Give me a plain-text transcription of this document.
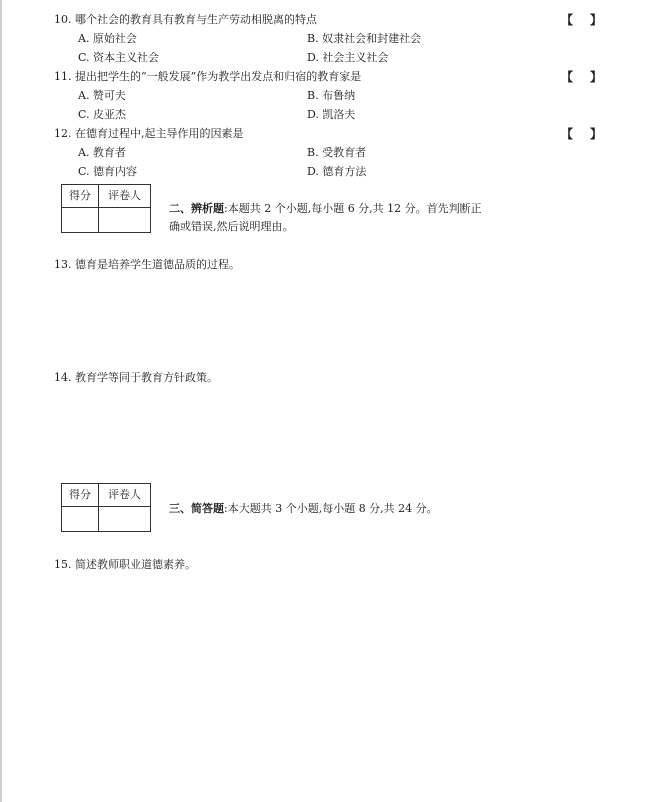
10. 哪个社会的教育具有教育与生产劳动相脱离的特点	【 】
A. 原始社会	B. 奴隶社会和封建社会
C. 资本主义社会	D. 社会主义社会
11. 提出把学生的“一般发展”作为教学出发点和归宿的教育家是	【 】
A. 赞可夫	B. 布鲁纳
C. 皮亚杰	D. 凯洛夫
12. 在德育过程中,起主导作用的因素是	【 】
A. 教育者	B. 受教育者
C. 德育内容	D. 德育方法
得分	评卷人

二、辨析题:本题共 2 个小题,每小题 6 分,共 12 分。首先判断正
确或错误,然后说明理由。
13. 德育是培养学生道德品质的过程。
14. 教育学等同于教育方针政策。
得分	评卷人

三、简答题:本大题共 3 个小题,每小题 8 分,共 24 分。
15. 简述教师职业道德素养。
